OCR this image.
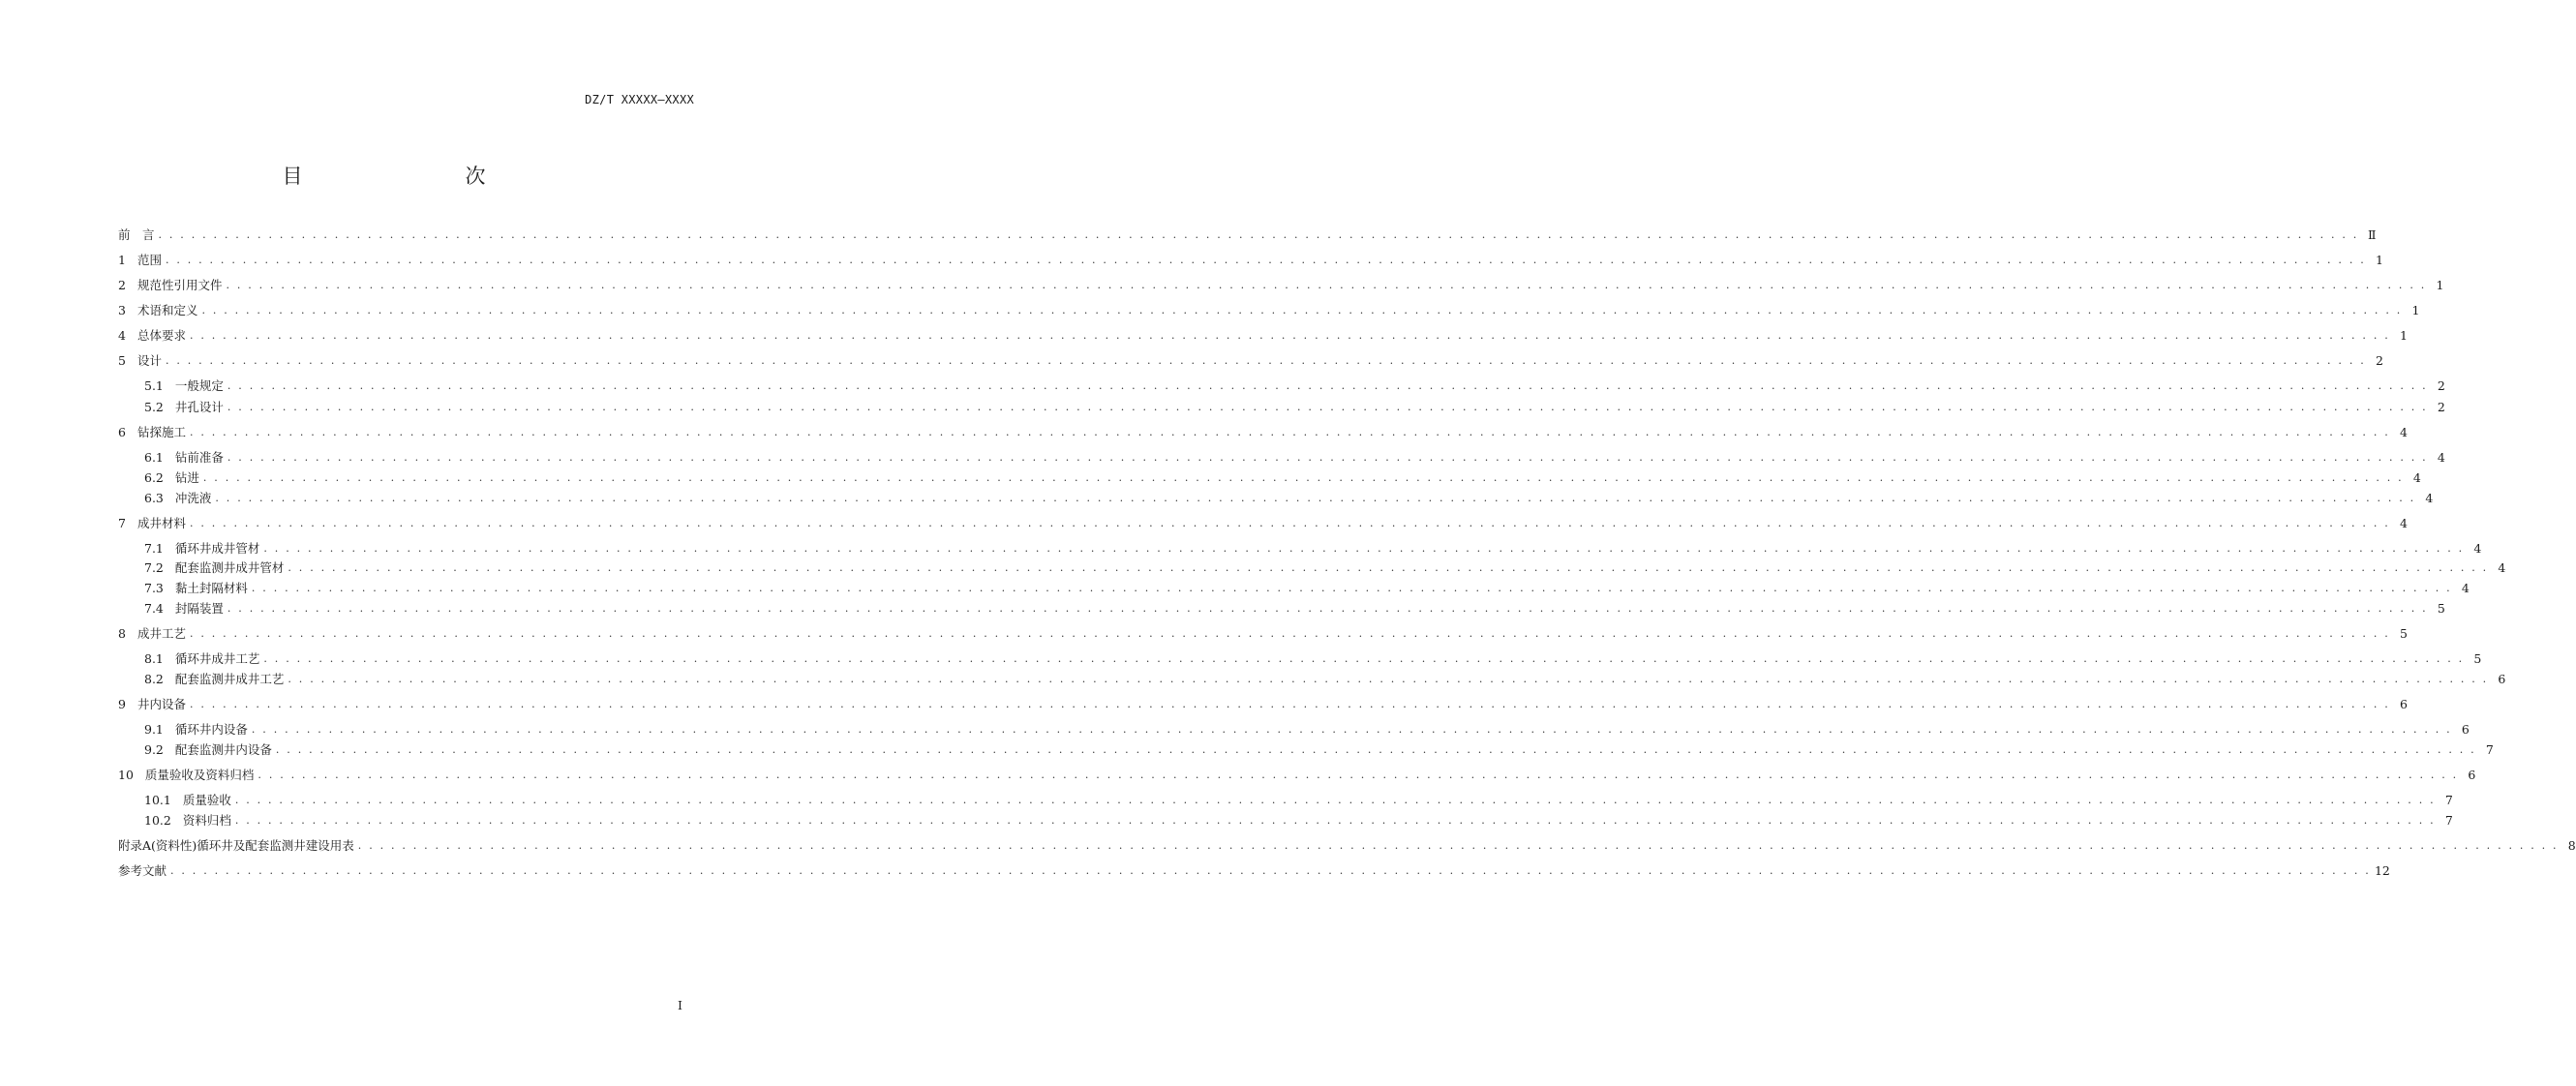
DZ/T XXXXX—XXXX
目　　次
前　言 . . . . . . . . . . . . . . . . . . . . . . . . . . . . . . . . . . . . . . . . . . . . . . . . . . . . . . . . . . . . . . . . . . . . . . . . . . . . . . . . . . . . . . . . . . . . . . . . . . . . . . . . . . . . . . . . . . . . . . . . . . . . . . . . . . . . . . . . . . . . . . . . . . . . . . . . . . . . . . . . . . . . . . . . . . . . . . . . . . . . . . . . . . . . . . . . . . . . . . . . Ⅱ
1 范围 . . . . . . . . . . . . . . . . . . . . . . . . . . . . . . . . . . . . . . . . . . . . . . . . . . . . . . . . . . . . . . . . . . . . . . . . . . . . . . . . . . . . . . . . . . . . . . . . . . . . . . . . . . . . . . . . . . . . . . . . . . . . . . . . . . . . . . . . . . . . . . . . . . . . . . . . . . . . . . . . . . . . . . . . . . . . . . . . . . . . . . . . . . . . . . . . . . . . . . . . 1
2 规范性引用文件 . . . . . . . . . . . . . . . . . . . . . . . . . . . . . . . . . . . . . . . . . . . . . . . . . . . . . . . . . . . . . . . . . . . . . . . . . . . . . . . . . . . . . . . . . . . . . . . . . . . . . . . . . . . . . . . . . . . . . . . . . . . . . . . . . . . . . . . . . . . . . . . . . . . . . . . . . . . . . . . . . . . . . . . . . . . . . . . . . . . . . . . . . . . . . . . . . . . . . . . . 1
3 术语和定义 . . . . . . . . . . . . . . . . . . . . . . . . . . . . . . . . . . . . . . . . . . . . . . . . . . . . . . . . . . . . . . . . . . . . . . . . . . . . . . . . . . . . . . . . . . . . . . . . . . . . . . . . . . . . . . . . . . . . . . . . . . . . . . . . . . . . . . . . . . . . . . . . . . . . . . . . . . . . . . . . . . . . . . . . . . . . . . . . . . . . . . . . . . . . . . . . . . . . . . . . 1
4 总体要求 . . . . . . . . . . . . . . . . . . . . . . . . . . . . . . . . . . . . . . . . . . . . . . . . . . . . . . . . . . . . . . . . . . . . . . . . . . . . . . . . . . . . . . . . . . . . . . . . . . . . . . . . . . . . . . . . . . . . . . . . . . . . . . . . . . . . . . . . . . . . . . . . . . . . . . . . . . . . . . . . . . . . . . . . . . . . . . . . . . . . . . . . . . . . . . . . . . . . . . . . 1
5 设计 . . . . . . . . . . . . . . . . . . . . . . . . . . . . . . . . . . . . . . . . . . . . . . . . . . . . . . . . . . . . . . . . . . . . . . . . . . . . . . . . . . . . . . . . . . . . . . . . . . . . . . . . . . . . . . . . . . . . . . . . . . . . . . . . . . . . . . . . . . . . . . . . . . . . . . . . . . . . . . . . . . . . . . . . . . . . . . . . . . . . . . . . . . . . . . . . . . . . . . . . 2
5.1 一般规定 . . . . . . . . . . . . . . . . . . . . . . . . . . . . . . . . . . . . . . . . . . . . . . . . . . . . . . . . . . . . . . . . . . . . . . . . . . . . . . . . . . . . . . . . . . . . . . . . . . . . . . . . . . . . . . . . . . . . . . . . . . . . . . . . . . . . . . . . . . . . . . . . . . . . . . . . . . . . . . . . . . . . . . . . . . . . . . . . . . . . . . . . . . . . . . . . . . . . . . . . 2
5.2 井孔设计 . . . . . . . . . . . . . . . . . . . . . . . . . . . . . . . . . . . . . . . . . . . . . . . . . . . . . . . . . . . . . . . . . . . . . . . . . . . . . . . . . . . . . . . . . . . . . . . . . . . . . . . . . . . . . . . . . . . . . . . . . . . . . . . . . . . . . . . . . . . . . . . . . . . . . . . . . . . . . . . . . . . . . . . . . . . . . . . . . . . . . . . . . . . . . . . . . . . . . . . . 2
6 钻探施工 . . . . . . . . . . . . . . . . . . . . . . . . . . . . . . . . . . . . . . . . . . . . . . . . . . . . . . . . . . . . . . . . . . . . . . . . . . . . . . . . . . . . . . . . . . . . . . . . . . . . . . . . . . . . . . . . . . . . . . . . . . . . . . . . . . . . . . . . . . . . . . . . . . . . . . . . . . . . . . . . . . . . . . . . . . . . . . . . . . . . . . . . . . . . . . . . . . . . . . . . 4
6.1 钻前准备 . . . . . . . . . . . . . . . . . . . . . . . . . . . . . . . . . . . . . . . . . . . . . . . . . . . . . . . . . . . . . . . . . . . . . . . . . . . . . . . . . . . . . . . . . . . . . . . . . . . . . . . . . . . . . . . . . . . . . . . . . . . . . . . . . . . . . . . . . . . . . . . . . . . . . . . . . . . . . . . . . . . . . . . . . . . . . . . . . . . . . . . . . . . . . . . . . . . . . . . . 4
6.2 钻进 . . . . . . . . . . . . . . . . . . . . . . . . . . . . . . . . . . . . . . . . . . . . . . . . . . . . . . . . . . . . . . . . . . . . . . . . . . . . . . . . . . . . . . . . . . . . . . . . . . . . . . . . . . . . . . . . . . . . . . . . . . . . . . . . . . . . . . . . . . . . . . . . . . . . . . . . . . . . . . . . . . . . . . . . . . . . . . . . . . . . . . . . . . . . . . . . . . . . . . . . 4
6.3 冲洗液 . . . . . . . . . . . . . . . . . . . . . . . . . . . . . . . . . . . . . . . . . . . . . . . . . . . . . . . . . . . . . . . . . . . . . . . . . . . . . . . . . . . . . . . . . . . . . . . . . . . . . . . . . . . . . . . . . . . . . . . . . . . . . . . . . . . . . . . . . . . . . . . . . . . . . . . . . . . . . . . . . . . . . . . . . . . . . . . . . . . . . . . . . . . . . . . . . . . . . . . . 4
7 成井材料 . . . . . . . . . . . . . . . . . . . . . . . . . . . . . . . . . . . . . . . . . . . . . . . . . . . . . . . . . . . . . . . . . . . . . . . . . . . . . . . . . . . . . . . . . . . . . . . . . . . . . . . . . . . . . . . . . . . . . . . . . . . . . . . . . . . . . . . . . . . . . . . . . . . . . . . . . . . . . . . . . . . . . . . . . . . . . . . . . . . . . . . . . . . . . . . . . . . . . . . . 4
7.1 循环井成井管材 . . . . . . . . . . . . . . . . . . . . . . . . . . . . . . . . . . . . . . . . . . . . . . . . . . . . . . . . . . . . . . . . . . . . . . . . . . . . . . . . . . . . . . . . . . . . . . . . . . . . . . . . . . . . . . . . . . . . . . . . . . . . . . . . . . . . . . . . . . . . . . . . . . . . . . . . . . . . . . . . . . . . . . . . . . . . . . . . . . . . . . . . . . . . . . . . . . . . . . . . 4
7.2 配套监测井成井管材 . . . . . . . . . . . . . . . . . . . . . . . . . . . . . . . . . . . . . . . . . . . . . . . . . . . . . . . . . . . . . . . . . . . . . . . . . . . . . . . . . . . . . . . . . . . . . . . . . . . . . . . . . . . . . . . . . . . . . . . . . . . . . . . . . . . . . . . . . . . . . . . . . . . . . . . . . . . . . . . . . . . . . . . . . . . . . . . . . . . . . . . . . . . . . . . . . . . . . . . . 4
7.3 黏土封隔材料 . . . . . . . . . . . . . . . . . . . . . . . . . . . . . . . . . . . . . . . . . . . . . . . . . . . . . . . . . . . . . . . . . . . . . . . . . . . . . . . . . . . . . . . . . . . . . . . . . . . . . . . . . . . . . . . . . . . . . . . . . . . . . . . . . . . . . . . . . . . . . . . . . . . . . . . . . . . . . . . . . . . . . . . . . . . . . . . . . . . . . . . . . . . . . . . . . . . . . . . . 4
7.4 封隔装置 . . . . . . . . . . . . . . . . . . . . . . . . . . . . . . . . . . . . . . . . . . . . . . . . . . . . . . . . . . . . . . . . . . . . . . . . . . . . . . . . . . . . . . . . . . . . . . . . . . . . . . . . . . . . . . . . . . . . . . . . . . . . . . . . . . . . . . . . . . . . . . . . . . . . . . . . . . . . . . . . . . . . . . . . . . . . . . . . . . . . . . . . . . . . . . . . . . . . . . . . 5
8 成井工艺 . . . . . . . . . . . . . . . . . . . . . . . . . . . . . . . . . . . . . . . . . . . . . . . . . . . . . . . . . . . . . . . . . . . . . . . . . . . . . . . . . . . . . . . . . . . . . . . . . . . . . . . . . . . . . . . . . . . . . . . . . . . . . . . . . . . . . . . . . . . . . . . . . . . . . . . . . . . . . . . . . . . . . . . . . . . . . . . . . . . . . . . . . . . . . . . . . . . . . . . . 5
8.1 循环井成井工艺 . . . . . . . . . . . . . . . . . . . . . . . . . . . . . . . . . . . . . . . . . . . . . . . . . . . . . . . . . . . . . . . . . . . . . . . . . . . . . . . . . . . . . . . . . . . . . . . . . . . . . . . . . . . . . . . . . . . . . . . . . . . . . . . . . . . . . . . . . . . . . . . . . . . . . . . . . . . . . . . . . . . . . . . . . . . . . . . . . . . . . . . . . . . . . . . . . . . . . . . . 5
8.2 配套监测井成井工艺 . . . . . . . . . . . . . . . . . . . . . . . . . . . . . . . . . . . . . . . . . . . . . . . . . . . . . . . . . . . . . . . . . . . . . . . . . . . . . . . . . . . . . . . . . . . . . . . . . . . . . . . . . . . . . . . . . . . . . . . . . . . . . . . . . . . . . . . . . . . . . . . . . . . . . . . . . . . . . . . . . . . . . . . . . . . . . . . . . . . . . . . . . . . . . . . . . . . . . . . . 6
9 井内设备 . . . . . . . . . . . . . . . . . . . . . . . . . . . . . . . . . . . . . . . . . . . . . . . . . . . . . . . . . . . . . . . . . . . . . . . . . . . . . . . . . . . . . . . . . . . . . . . . . . . . . . . . . . . . . . . . . . . . . . . . . . . . . . . . . . . . . . . . . . . . . . . . . . . . . . . . . . . . . . . . . . . . . . . . . . . . . . . . . . . . . . . . . . . . . . . . . . . . . . . . 6
9.1 循环井内设备 . . . . . . . . . . . . . . . . . . . . . . . . . . . . . . . . . . . . . . . . . . . . . . . . . . . . . . . . . . . . . . . . . . . . . . . . . . . . . . . . . . . . . . . . . . . . . . . . . . . . . . . . . . . . . . . . . . . . . . . . . . . . . . . . . . . . . . . . . . . . . . . . . . . . . . . . . . . . . . . . . . . . . . . . . . . . . . . . . . . . . . . . . . . . . . . . . . . . . . . . 6
9.2 配套监测井内设备 . . . . . . . . . . . . . . . . . . . . . . . . . . . . . . . . . . . . . . . . . . . . . . . . . . . . . . . . . . . . . . . . . . . . . . . . . . . . . . . . . . . . . . . . . . . . . . . . . . . . . . . . . . . . . . . . . . . . . . . . . . . . . . . . . . . . . . . . . . . . . . . . . . . . . . . . . . . . . . . . . . . . . . . . . . . . . . . . . . . . . . . . . . . . . . . . . . . . . . . . 7
10 质量验收及资料归档 . . . . . . . . . . . . . . . . . . . . . . . . . . . . . . . . . . . . . . . . . . . . . . . . . . . . . . . . . . . . . . . . . . . . . . . . . . . . . . . . . . . . . . . . . . . . . . . . . . . . . . . . . . . . . . . . . . . . . . . . . . . . . . . . . . . . . . . . . . . . . . . . . . . . . . . . . . . . . . . . . . . . . . . . . . . . . . . . . . . . . . . . . . . . . . . . . . . . . . . . 6
10.1 质量验收 . . . . . . . . . . . . . . . . . . . . . . . . . . . . . . . . . . . . . . . . . . . . . . . . . . . . . . . . . . . . . . . . . . . . . . . . . . . . . . . . . . . . . . . . . . . . . . . . . . . . . . . . . . . . . . . . . . . . . . . . . . . . . . . . . . . . . . . . . . . . . . . . . . . . . . . . . . . . . . . . . . . . . . . . . . . . . . . . . . . . . . . . . . . . . . . . . . . . . . . . 7
10.2 资料归档 . . . . . . . . . . . . . . . . . . . . . . . . . . . . . . . . . . . . . . . . . . . . . . . . . . . . . . . . . . . . . . . . . . . . . . . . . . . . . . . . . . . . . . . . . . . . . . . . . . . . . . . . . . . . . . . . . . . . . . . . . . . . . . . . . . . . . . . . . . . . . . . . . . . . . . . . . . . . . . . . . . . . . . . . . . . . . . . . . . . . . . . . . . . . . . . . . . . . . . . . 7
附录A(资料性)循环井及配套监测井建设用表 . . . . . . . . . . . . . . . . . . . . . . . . . . . . . . . . . . . . . . . . . . . . . . . . . . . . . . . . . . . . . . . . . . . . . . . . . . . . . . . . . . . . . . . . . . . . . . . . . . . . . . . . . . . . . . . . . . . . . . . . . . . . . . . . . . . . . . . . . . . . . . . . . . . . . . . . . . . . . . . . . . . . . . . . . . . . . . . . . . . . . . . . . . . . . . . . . . . . . . . . 8
参考文献 . . . . . . . . . . . . . . . . . . . . . . . . . . . . . . . . . . . . . . . . . . . . . . . . . . . . . . . . . . . . . . . . . . . . . . . . . . . . . . . . . . . . . . . . . . . . . . . . . . . . . . . . . . . . . . . . . . . . . . . . . . . . . . . . . . . . . . . . . . . . . . . . . . . . . . . . . . . . . . . . . . . . . . . . . . . . . . . . . . . . . . . . . . . . . . . . . . . . . . . . 12
I
